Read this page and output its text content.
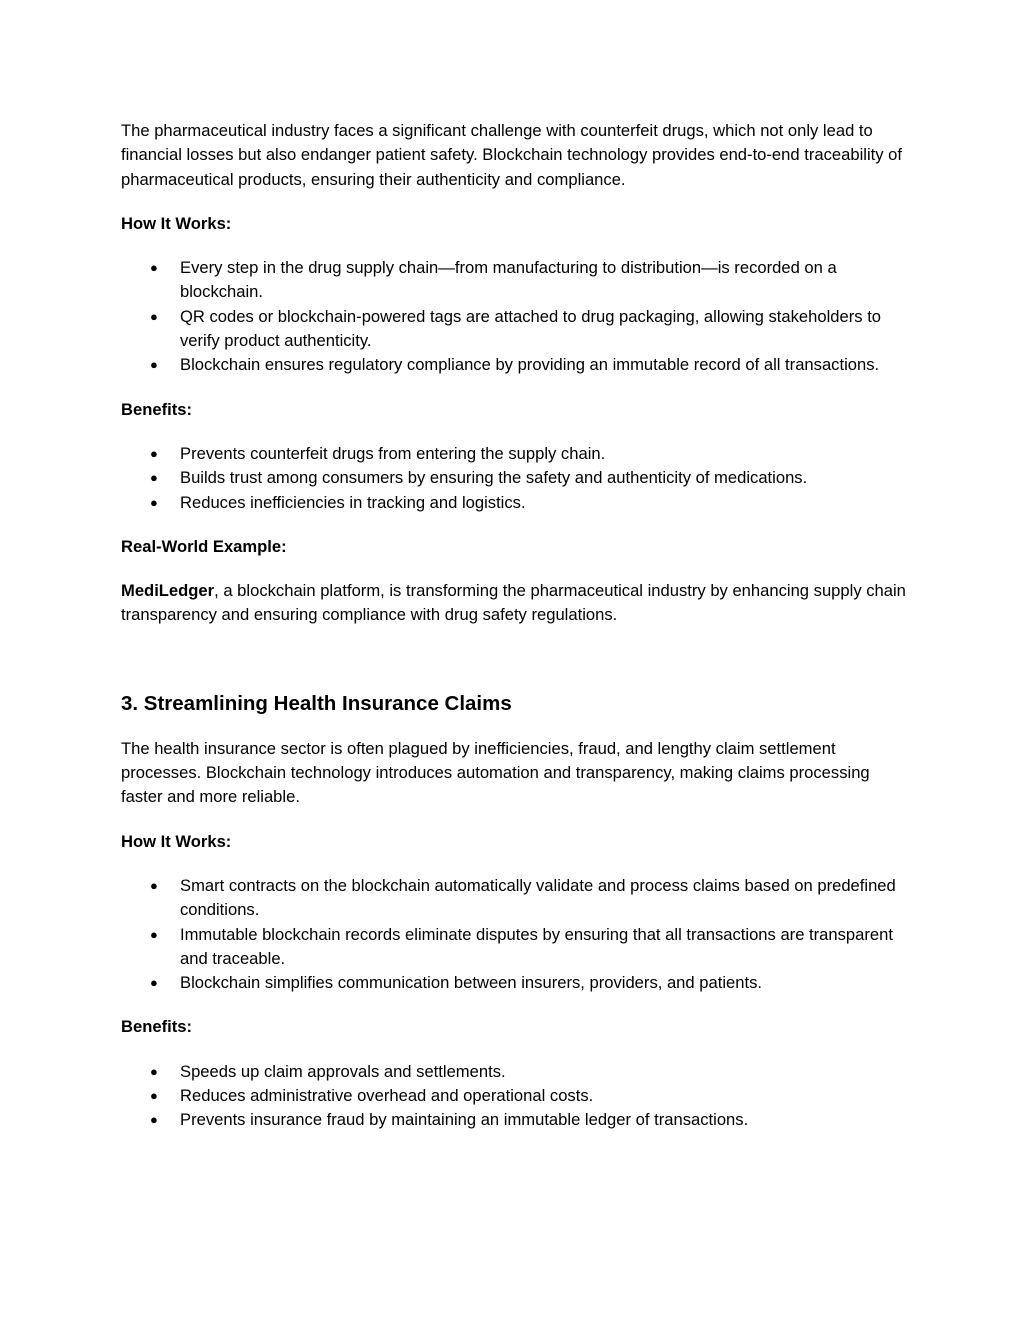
The pharmaceutical industry faces a significant challenge with counterfeit drugs, which not only lead to financial losses but also endanger patient safety. Blockchain technology provides end-to-end traceability of pharmaceutical products, ensuring their authenticity and compliance.

How It Works:

● Every step in the drug supply chain—from manufacturing to distribution—is recorded on a blockchain.
● QR codes or blockchain-powered tags are attached to drug packaging, allowing stakeholders to verify product authenticity.
● Blockchain ensures regulatory compliance by providing an immutable record of all transactions.

Benefits:

● Prevents counterfeit drugs from entering the supply chain.
● Builds trust among consumers by ensuring the safety and authenticity of medications.
● Reduces inefficiencies in tracking and logistics.

Real-World Example:

MediLedger, a blockchain platform, is transforming the pharmaceutical industry by enhancing supply chain transparency and ensuring compliance with drug safety regulations.

3. Streamlining Health Insurance Claims

The health insurance sector is often plagued by inefficiencies, fraud, and lengthy claim settlement processes. Blockchain technology introduces automation and transparency, making claims processing faster and more reliable.

How It Works:

● Smart contracts on the blockchain automatically validate and process claims based on predefined conditions.
● Immutable blockchain records eliminate disputes by ensuring that all transactions are transparent and traceable.
● Blockchain simplifies communication between insurers, providers, and patients.

Benefits:

● Speeds up claim approvals and settlements.
● Reduces administrative overhead and operational costs.
● Prevents insurance fraud by maintaining an immutable ledger of transactions.
